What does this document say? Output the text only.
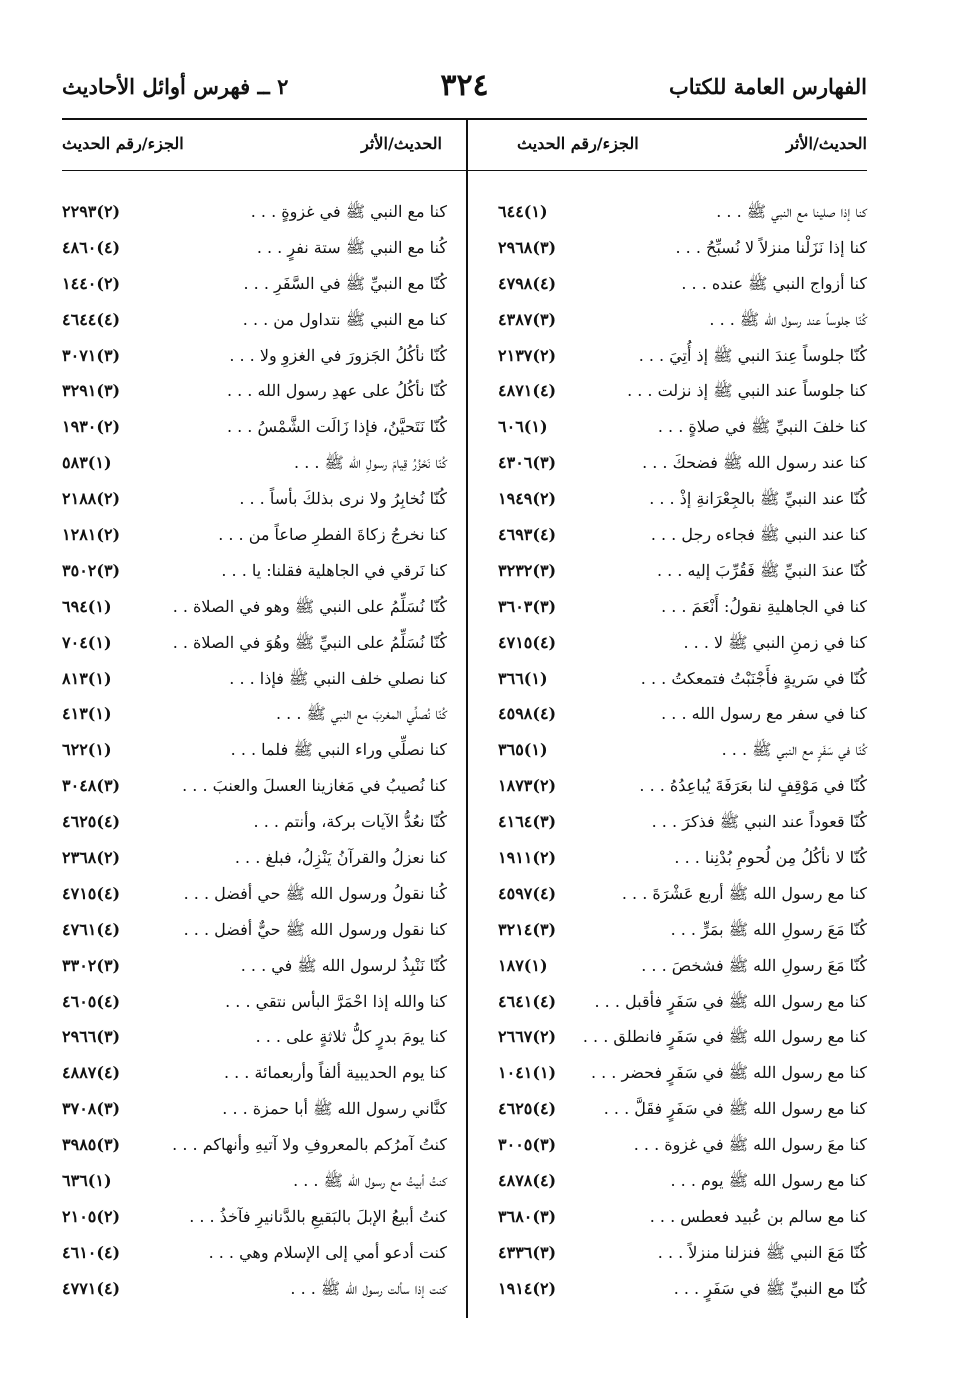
الفهارس العامة للكتاب
٣٢٤
٢ ــ فهرس أوائل الأحاديث
الحديث/الأثر
الجزء/رقم الحديث
الحديث/الأثر
الجزء/رقم الحديث
كنا إذا صلينا مع النبي ﷺ . . .
(١)٦٤٤
كنا إذا نَزَلْنا منزلاً لا نُسبِّحُ . . .
(٣)٢٩٦٨
كنا أزواج النبي ﷺ عنده . . .
(٤)٤٧٩٨
كُنّا جلوساً عند رسول الله ﷺ . . .
(٣)٤٣٨٧
كُنّا جلوساً عِندَ النبي ﷺ إذ أُتِيَ . . .
(٢)٢١٣٧
كنا جلوساً عند النبي ﷺ إذ نزلت . . .
(٤)٤٨٧١
كنا خلفَ النبيِّ ﷺ في صلاةٍ . . .
(١)٦٠٦
كنا عند رسول الله ﷺ فضحكَ . . .
(٣)٤٣٠٦
كُنّا عند النبيِّ ﷺ بالجِعْرَانةِ إذْ . . .
(٢)١٩٤٩
كنا عند النبي ﷺ فجاءه رجل . . .
(٤)٤٦٩٣
كُنّا عندَ النبيِّ ﷺ فَقُرِّبَ إليه . . .
(٣)٣٢٣٢
كنا في الجاهليةِ نقولُ: أَنْعَمَ . . .
(٣)٣٦٠٣
كنا في زمنِ النبي ﷺ لا . . .
(٤)٤٧١٥
كُنّا في سَريةٍ فأَجْنَبْتُ فتمعكتُ . . .
(١)٣٦٦
كنا في سفر مع رسول الله . . .
(٤)٤٥٩٨
كُنّا في سَفَرٍ مع النبي ﷺ . . .
(١)٣٦٥
كُنّا في مَوْقِفٍ لنا بعَرَفَةَ يُباعِدُهُ . . .
(٢)١٨٧٣
كُنّا قعوداً عند النبي ﷺ فذكرَ . . .
(٣)٤١٦٤
كُنّا لا نأكُلُ مِن لُحومِ بُدْنِنا . . .
(٢)١٩١١
كنا مع رسول الله ﷺ أربع عَشْرَةَ . . .
(٤)٤٥٩٧
كُنّا مَعَ رسولِ الله ﷺ بمَرٍّ . . .
(٣)٣٢١٤
كُنّا مَعَ رسولِ الله ﷺ فشخصَ . . .
(١)١٨٧
كنا مع رسول الله ﷺ في سَفَرٍ فأقبل . . .
(٤)٤٦٤١
كنا مع رسول الله ﷺ في سَفَرٍ فانطلق . . .
(٢)٢٦٦٧
كنا مع رسول الله ﷺ في سَفَرٍ فحضر . . .
(١)١٠٤١
كنا مع رسول الله ﷺ في سَفَرٍ فقَلَّ . . .
(٤)٤٦٢٥
كنا معَ رسول الله ﷺ في غزوة . . .
(٣)٣٠٠٥
كنا مع رسول الله ﷺ يوم . . .
(٤)٤٨٧٨
كنا مع سالم بن عُبيد فعطس . . .
(٣)٣٦٨٠
كُنّا مَعَ النبي ﷺ فنزلنا منزلاً . . .
(٣)٤٣٣٦
كُنّا مع النبيِّ ﷺ في سَفَرٍ . . .
(٢)١٩١٤
كنا مع النبي ﷺ في غزوةٍ . . .
(٢)٢٢٩٣
كُنا مع النبي ﷺ ستة نفرٍ . . .
(٤)٤٨٦٠
كُنّا مع النبيِّ ﷺ في السَّفَرِ . . .
(٢)١٤٤٠
كنا مع النبي ﷺ نتداول من . . .
(٤)٤٦٤٤
كُنّا نأكُلُ الجَزورَ في الغزوِ ولا . . .
(٣)٣٠٧١
كُنّا نأكُلُ على عهدِ رسول الله . . .
(٣)٣٢٩١
كُنّا نَتَحيَّنُ، فإذا زَالَت الشَّمْسُ . . .
(٢)١٩٣٠
كُنّا نَحْزُرُ قِيامَ رسولِ الله ﷺ . . .
(١)٥٨٣
كُنّا نُخابِرُ ولا نرى بذلكَ بأساً . . .
(٢)٢١٨٨
كنا نخرجُ زكاةَ الفطرِ صاعاً من . . .
(٢)١٢٨١
كنا نَرقي في الجاهلية فقلنا: يا . . .
(٣)٣٥٠٢
كُنّا نُسَلِّمُ على النبي ﷺ وهو في الصلاة . .
(١)٦٩٤
كُنّا نُسَلِّمُ على النبيِّ ﷺ وهُوَ في الصلاة . .
(١)٧٠٤
كنا نصلي خلف النبي ﷺ فإذا . . .
(١)٨١٣
كُنّا نُصلِّي المغربَ مع النبي ﷺ . . .
(١)٤١٣
كنا نصلِّي وراء النبي ﷺ فلما . . .
(١)٦٢٢
كنا نُصيبُ في مَغازينا العسلَ والعنبَ . . .
(٣)٣٠٤٨
كُنّا نعُدُّ الآيات بركة، وأنتم . . .
(٤)٤٦٢٥
كنا نعزلُ والقرآنُ يَنْزِلُ، فبلغ . . .
(٢)٢٣٦٨
كُنا نقولُ ورسول الله ﷺ حي أفضل . . .
(٤)٤٧١٥
كنا نقول ورسول الله ﷺ حيٌّ أفضل . . .
(٤)٤٧٦١
كُنّا نَنْبِذُ لرسول الله ﷺ في . . .
(٣)٣٣٠٢
كنا والله إذا احْمَرَّ البأس نتقي . . .
(٤)٤٦٠٥
كنا يومَ بدرٍ كلُّ ثلاثةٍ على . . .
(٣)٢٩٦٦
كنا يوم الحديبية ألفاً وأربعمائة . . .
(٤)٤٨٨٧
كنَّاني رسول الله ﷺ أبا حمزة . . .
(٣)٣٧٠٨
كنتُ آمرُكم بالمعروفِ ولا آتيهِ وأنهاكم . . .
(٣)٣٩٨٥
كنتُ أبيتُ مع رسول الله ﷺ . . .
(١)٦٣٦
كنتُ أبيعُ الإبلَ بالبَقيعِ بالدَّنانيرِ فآخذُ . . .
(٢)٢١٠٥
كنت أدعو أمي إلى الإسلام وهي . . .
(٤)٤٦١٠
كنت إذا سألت رسول الله ﷺ . . .
(٤)٤٧٧١
